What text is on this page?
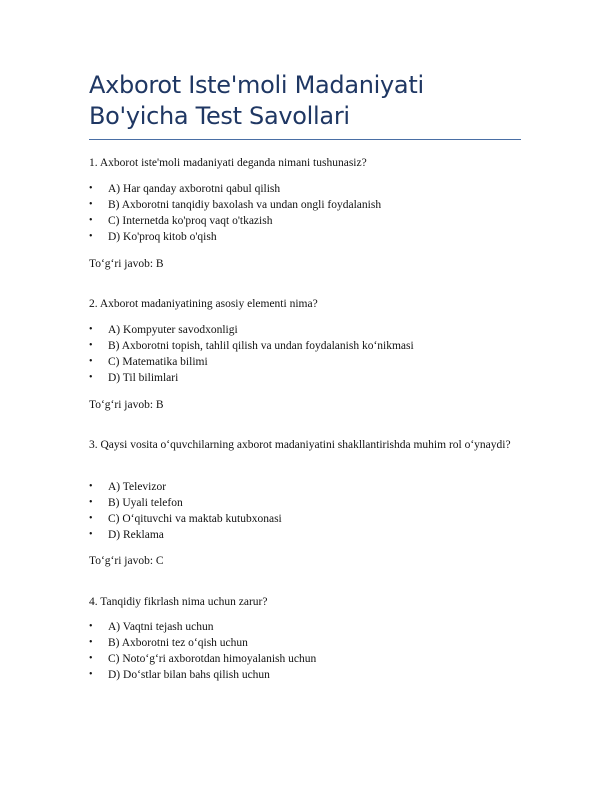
Axborot Iste'moli Madaniyati Bo'yicha Test Savollari
1. Axborot iste'moli madaniyati deganda nimani tushunasiz?
• A) Har qanday axborotni qabul qilish
• B) Axborotni tanqidiy baxolash va undan ongli foydalanish
• C) Internetda ko'proq vaqt o'tkazish
• D) Ko'proq kitob o'qish
To‘g‘ri javob: B
2. Axborot madaniyatining asosiy elementi nima?
• A) Kompyuter savodxonligi
• B) Axborotni topish, tahlil qilish va undan foydalanish ko‘nikmasi
• C) Matematika bilimi
• D) Til bilimlari
To‘g‘ri javob: B
3. Qaysi vosita o‘quvchilarning axborot madaniyatini shakllantirishda muhim rol o‘ynaydi?
• A) Televizor
• B) Uyali telefon
• C) O‘qituvchi va maktab kutubxonasi
• D) Reklama
To‘g‘ri javob: C
4. Tanqidiy fikrlash nima uchun zarur?
• A) Vaqtni tejash uchun
• B) Axborotni tez o‘qish uchun
• C) Noto‘g‘ri axborotdan himoyalanish uchun
• D) Do‘stlar bilan bahs qilish uchun
